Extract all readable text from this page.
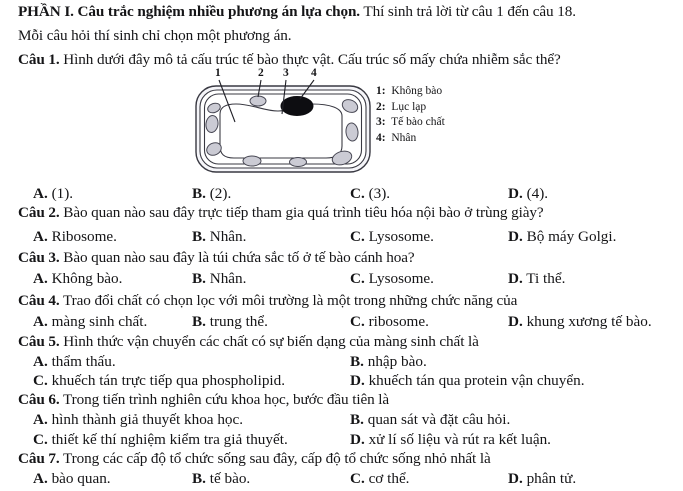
PHẦN I. Câu trắc nghiệm nhiều phương án lựa chọn. Thí sinh trả lời từ câu 1 đến câu 18.
Mỗi câu hỏi thí sinh chỉ chọn một phương án.
Câu 1. Hình dưới đây mô tả cấu trúc tế bào thực vật. Cấu trúc số mấy chứa nhiễm sắc thể?
1	2 3 4
1: Không bào
2: Lục lạp
3: Tế bào chất
4: Nhân
A. (1).	B. (2).	C. (3).	D. (4).
Câu 2. Bào quan nào sau đây trực tiếp tham gia quá trình tiêu hóa nội bào ở trùng giày?
A. Ribosome.	B. Nhân.	C. Lysosome.	D. Bộ máy Golgi.
Câu 3. Bào quan nào sau đây là túi chứa sắc tố ở tế bào cánh hoa?
A. Không bào.	B. Nhân.	C. Lysosome.	D. Ti thể.
Câu 4. Trao đổi chất có chọn lọc với môi trường là một trong những chức năng của
A. màng sinh chất.	B. trung thể.	C. ribosome.	D. khung xương tế bào.
Câu 5. Hình thức vận chuyển các chất có sự biến dạng của màng sinh chất là
A. thẩm thấu.	B. nhập bào.
C. khuếch tán trực tiếp qua phospholipid.	D. khuếch tán qua protein vận chuyển.
Câu 6. Trong tiến trình nghiên cứu khoa học, bước đầu tiên là
A. hình thành giả thuyết khoa học.	B. quan sát và đặt câu hỏi.
C. thiết kế thí nghiệm kiểm tra giả thuyết.	D. xử lí số liệu và rút ra kết luận.
Câu 7. Trong các cấp độ tổ chức sống sau đây, cấp độ tổ chức sống nhỏ nhất là
A. bào quan.	B. tế bào.	C. cơ thể.	D. phân tử.
